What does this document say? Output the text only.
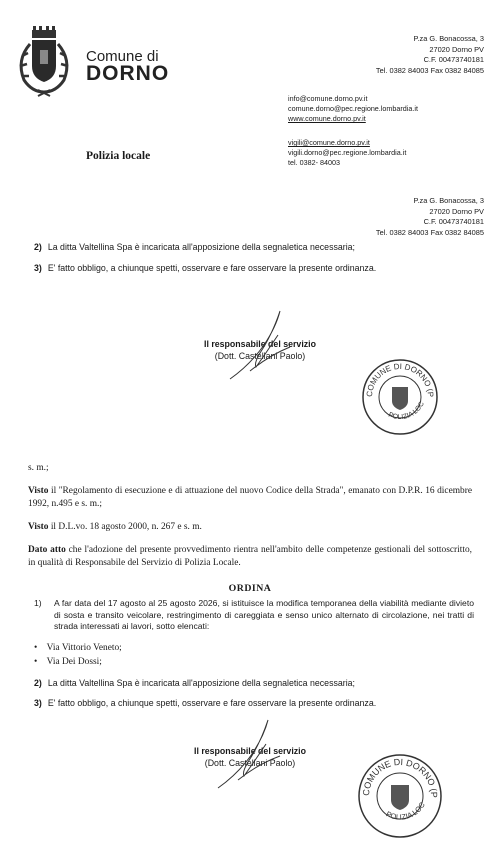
Comune di
DORNO
P.za G. Bonacossa, 3
27020 Dorno PV
C.F. 00473740181
Tel. 0382 84003 Fax 0382 84085
info@comune.dorno.pv.it
comune.dorno@pec.regione.lombardia.it
www.comune.dorno.pv.it
vigili@comune.dorno.pv.it
vigili.dorno@pec.regione.lombardia.it
tel. 0382- 84003
Polizia locale
P.za G. Bonacossa, 3
27020 Dorno PV
C.F. 00473740181
Tel. 0382 84003 Fax 0382 84085
2) La ditta Valtellina Spa è incaricata all'apposizione della segnaletica necessaria;
3) E' fatto obbligo, a chiunque spetti, osservare e fare osservare la presente ordinanza.
Il responsabile del servizio
(Dott. Castellani Paolo)
COMUNE DI DORNO (P
POLIZIA LOC
s. m.;
Visto il "Regolamento di esecuzione e di attuazione del nuovo Codice della Strada", emanato con D.P.R. 16 dicembre 1992, n.495 e s. m.;
Visto il D.L.vo. 18 agosto 2000, n. 267 e s. m.
Dato atto che l'adozione del presente provvedimento rientra nell'ambito delle competenze gestionali del sottoscritto, in qualità di Responsabile del Servizio di Polizia Locale.
ORDINA
1) A far data del 17 agosto al 25 agosto 2026, si istituisce la modifica temporanea della viabilità mediante divieto di sosta e transito veicolare, restringimento di careggiata e senso unico alternato di circolazione, nei tratti di strada interessati ai lavori, sotto elencati:
•    Via Vittorio Veneto;
•    Via Dei Dossi;
2) La ditta Valtellina Spa è incaricata all'apposizione della segnaletica necessaria;
3) E' fatto obbligo, a chiunque spetti, osservare e fare osservare la presente ordinanza.
Il responsabile del servizio
(Dott. Castellani Paolo)
COMUNE DI DORNO (P
POLIZIA LOC
